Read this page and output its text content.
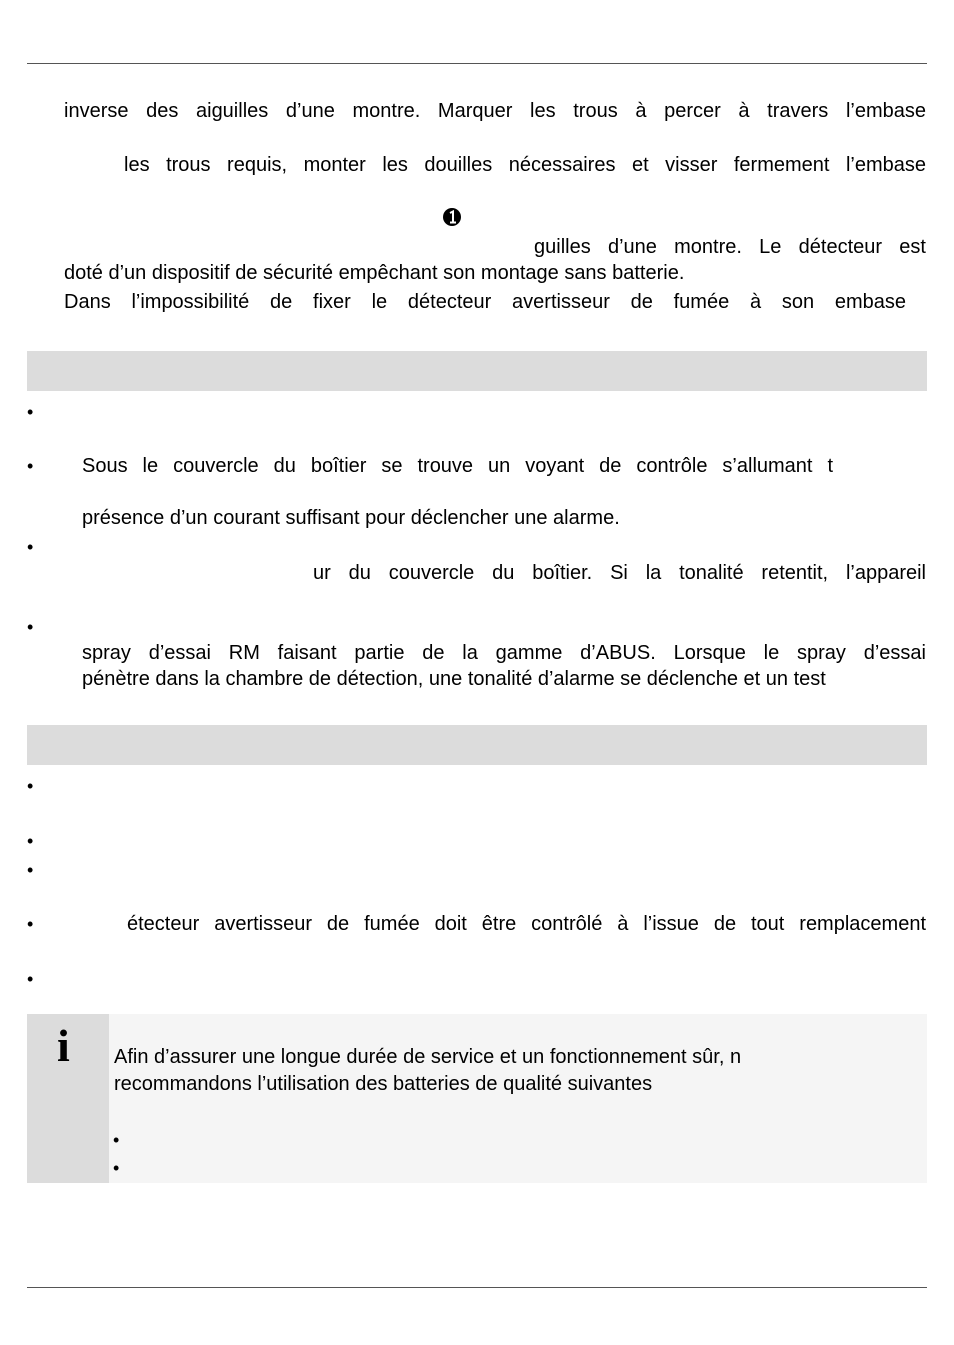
inverse des aiguilles d’une montre. Marquer les trous à percer à travers l’embase
les trous requis, monter les douilles nécessaires et visser fermement l’embase
guilles d’une montre. Le détecteur est
doté d’un dispositif de sécurité empêchant son montage sans batterie.
Dans l’impossibilité de fixer le détecteur avertisseur de fumée à son embase
•
• Sous le couvercle du boîtier se trouve un voyant de contrôle s’allumant t
présence d’un courant suffisant pour déclencher une alarme.
•
ur du couvercle du boîtier. Si la tonalité retentit, l’appareil
•
spray d’essai RM faisant partie de la gamme d’ABUS. Lorsque le spray d’essai
pénètre dans la chambre de détection, une tonalité d’alarme se déclenche et un test
•
•
•
•	étecteur avertisseur de fumée doit être contrôlé à l’issue de tout remplacement
•
i Afin d’assurer une longue durée de service et un fonctionnement sûr, n
recommandons l’utilisation des batteries de qualité suivantes
•
•
